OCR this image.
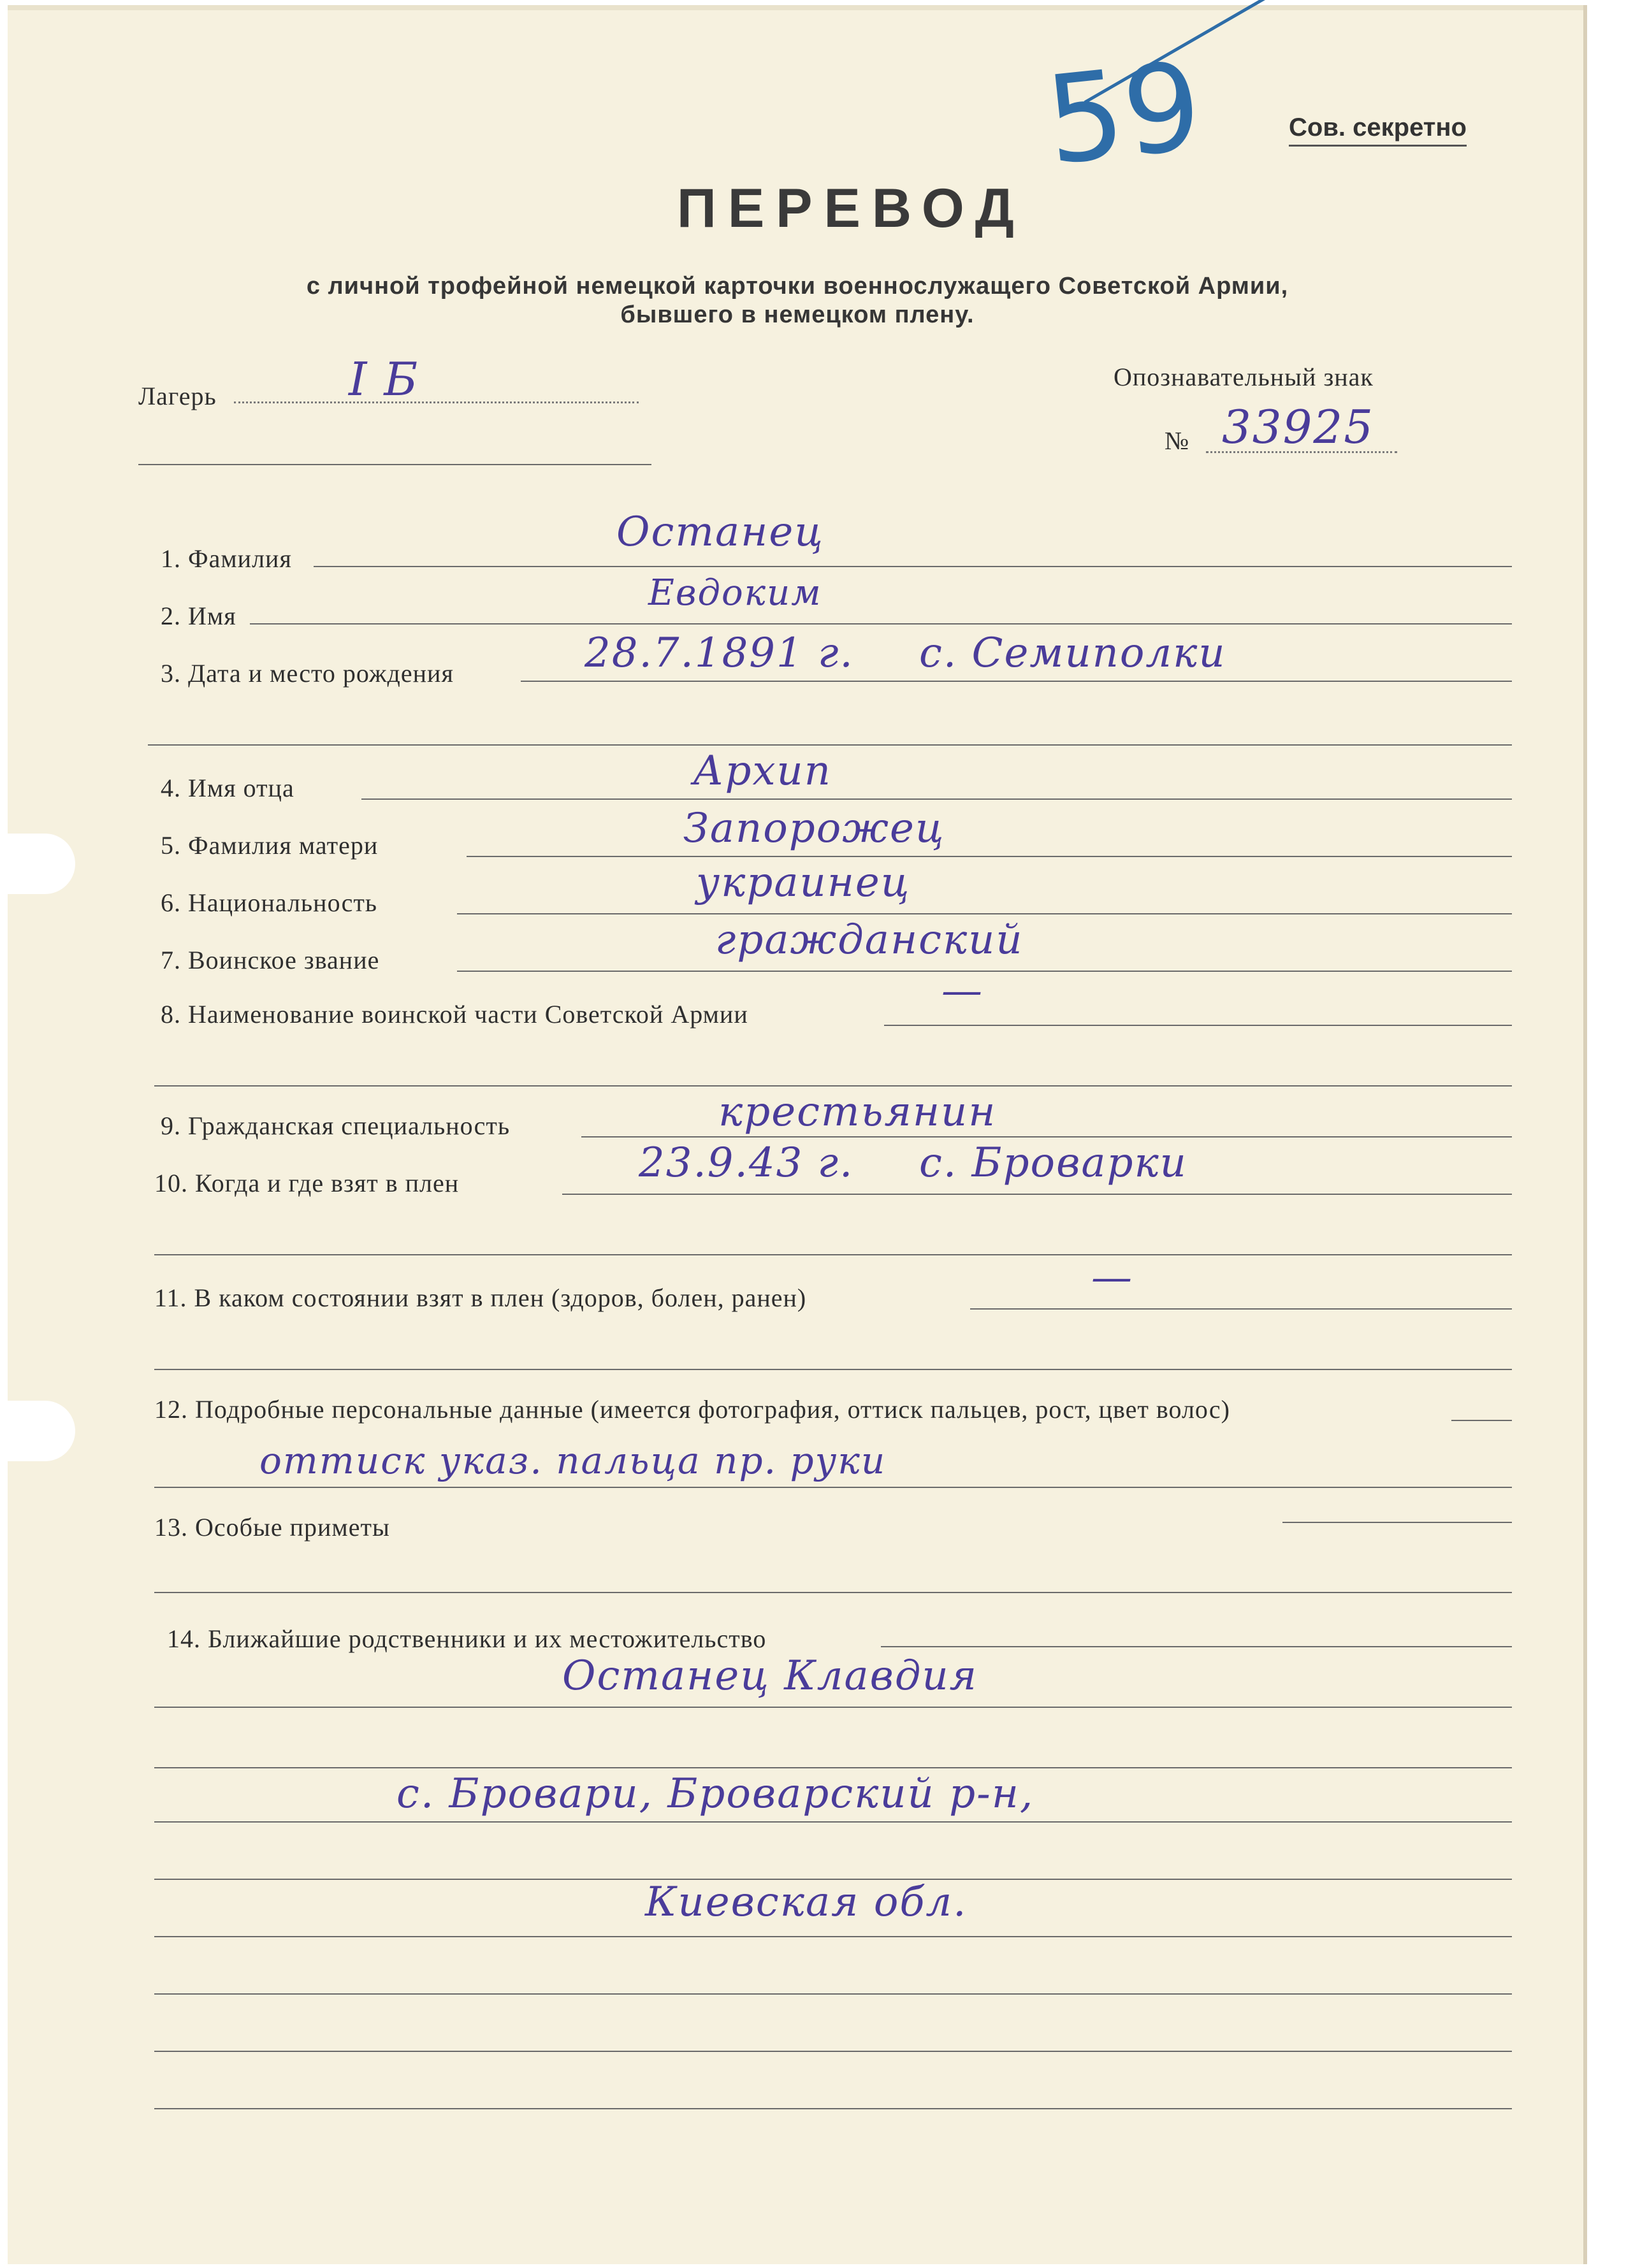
59	Сов. секретно
ПЕРЕВОД
с личной трофейной немецкой карточки военнослужащего Советской Армии,
бывшего в немецком плену.
Лагерь	I Б	Опознавательный знак
№ 33925
1. Фамилия
Останец
2. Имя
Евдоким
3. Дата и место рождения	28.7.1891 г. с. Семиполки
4. Имя отца	Архип
5. Фамилия матери	Запорожец
6. Национальность	украинец
7. Воинское звание	гражданский
8. Наименование воинской части Советской Армии	—
9. Гражданская специальность	крестьянин
10. Когда и где взят в плен	23.9.43 г. с. Броварки
11. В каком состоянии взят в плен (здоров, болен, ранен)	—
12. Подробные персональные данные (имеется фотография, оттиск пальцев, рост, цвет волос)
оттиск указ. пальца пр. руки
13. Особые приметы
14. Ближайшие родственники и их местожительство
Останец Клавдия
с. Бровари, Броварский р-н,
Киевская обл.
